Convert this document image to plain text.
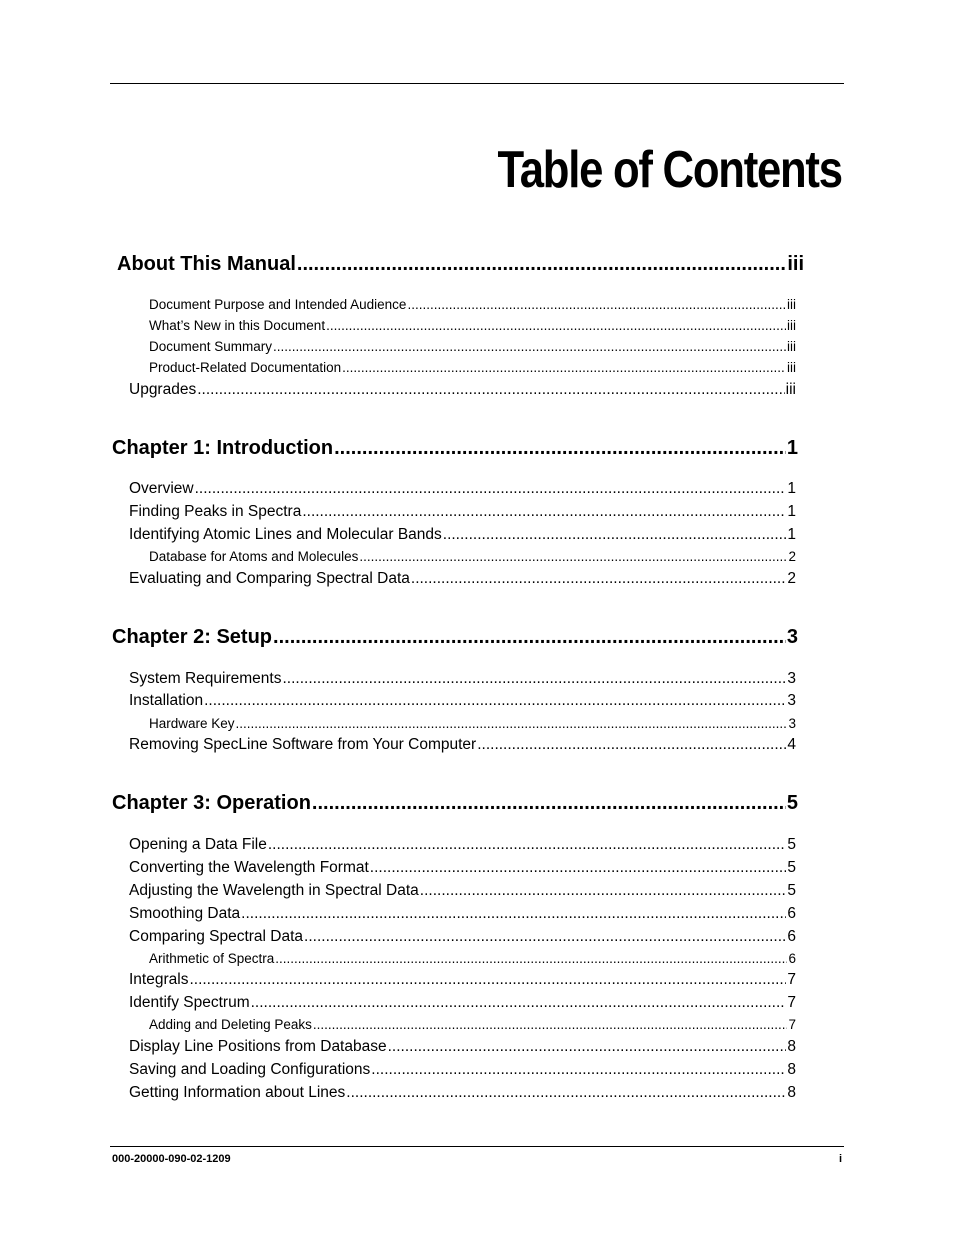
Table of Contents
About This Manual .....	iii
Document Purpose and Intended Audience .....	iii
What’s New in this Document .....	iii
Document Summary .....	iii
Product-Related Documentation .....	iii
Upgrades .....	iii
Chapter 1: Introduction .....	1
Overview .....	1
Finding Peaks in Spectra .....	1
Identifying Atomic Lines and Molecular Bands .....	1
Database for Atoms and Molecules .....	2
Evaluating and Comparing Spectral Data .....	2
Chapter 2: Setup .....	3
System Requirements .....	3
Installation .....	3
Hardware Key .....	3
Removing SpecLine Software from Your Computer .....	4
Chapter 3: Operation .....	5
Opening a Data File .....	5
Converting the Wavelength Format .....	5
Adjusting the Wavelength in Spectral Data .....	5
Smoothing Data .....	6
Comparing Spectral Data .....	6
Arithmetic of Spectra .....	6
Integrals .....	7
Identify Spectrum .....	7
Adding and Deleting Peaks .....	7
Display Line Positions from Database .....	8
Saving and Loading Configurations .....	8
Getting Information about Lines .....	8
000-20000-090-02-1209	i
